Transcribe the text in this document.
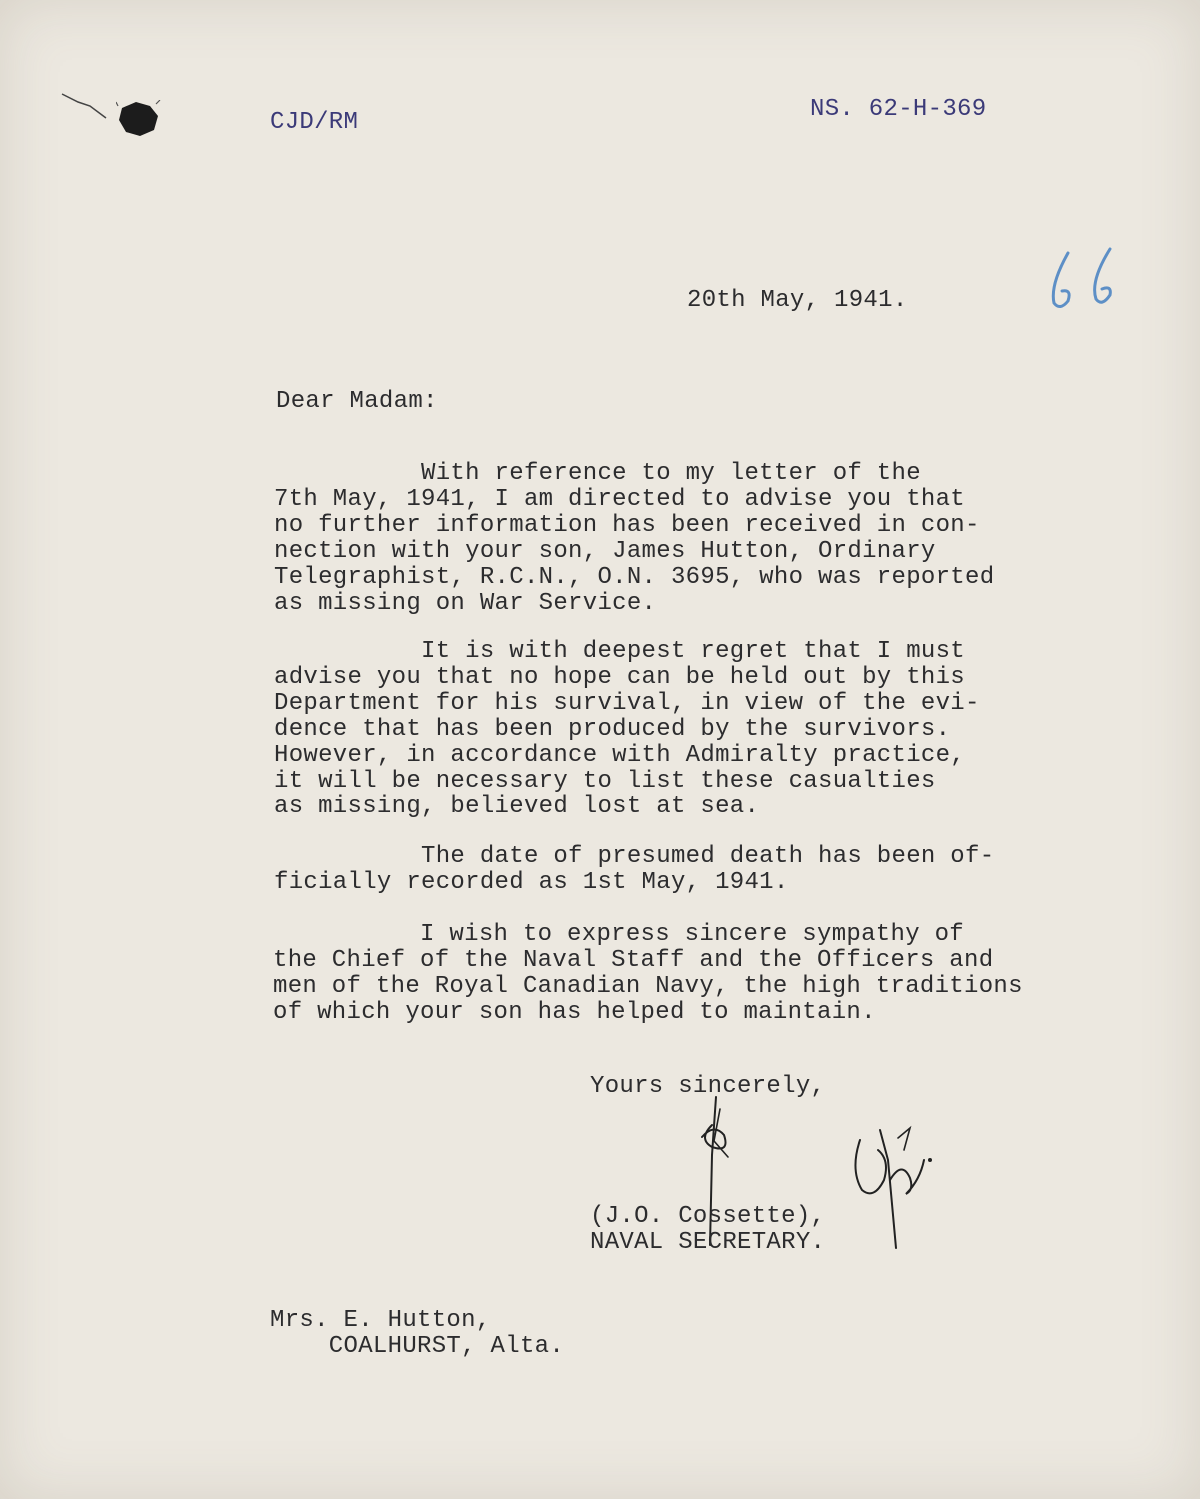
CJD/RM	NS. 62-H-369

20th May, 1941.

Dear Madam:

With reference to my letter of the
7th May, 1941, I am directed to advise you that
no further information has been received in con-
nection with your son, James Hutton, Ordinary
Telegraphist, R.C.N., O.N. 3695, who was reported
as missing on War Service.

It is with deepest regret that I must
advise you that no hope can be held out by this
Department for his survival, in view of the evi-
dence that has been produced by the survivors.
However, in accordance with Admiralty practice,
it will be necessary to list these casualties
as missing, believed lost at sea.

The date of presumed death has been of-
ficially recorded as 1st May, 1941.

I wish to express sincere sympathy of
the Chief of the Naval Staff and the Officers and
men of the Royal Canadian Navy, the high traditions
of which your son has helped to maintain.

Yours sincerely,

(J.O. Cossette),
NAVAL SECRETARY.

Mrs. E. Hutton,
COALHURST, Alta.
